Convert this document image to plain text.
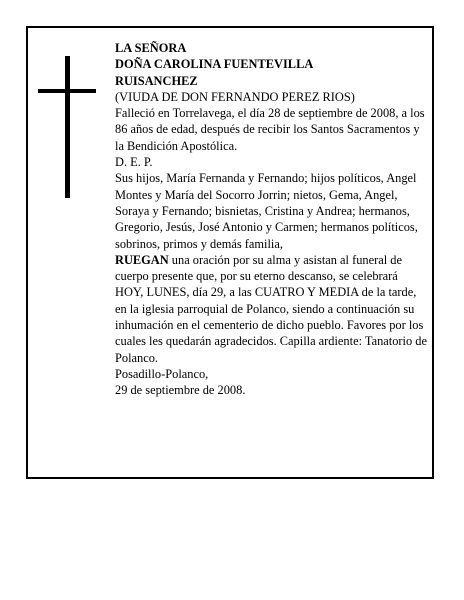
LA SEÑORA

DOÑA CAROLINA FUENTEVILLA

RUISANCHEZ

(VIUDA DE DON FERNANDO PEREZ RIOS)

Falleció en Torrelavega, el día 28 de septiembre de 2008, a los 86 años de edad, después de recibir los Santos Sacramentos y la Bendición Apostólica.

D. E. P.

Sus hijos, María Fernanda y Fernando; hijos políticos, Angel Montes y María del Socorro Jorrin; nietos, Gema, Angel, Soraya y Fernando; bisnietas, Cristina y Andrea; hermanos, Gregorio, Jesús, José Antonio y Carmen; hermanos políticos, sobrinos, primos y demás familia,

RUEGAN una oración por su alma y asistan al funeral de cuerpo presente que, por su eterno descanso, se celebrará HOY, LUNES, día 29, a las CUATRO Y MEDIA de la tarde, en la iglesia parroquial de Polanco, siendo a continuación su inhumación en el cementerio de dicho pueblo. Favores por los cuales les quedarán agradecidos. Capilla ardiente: Tanatorio de Polanco.

Posadillo-Polanco,

29 de septiembre de 2008.
